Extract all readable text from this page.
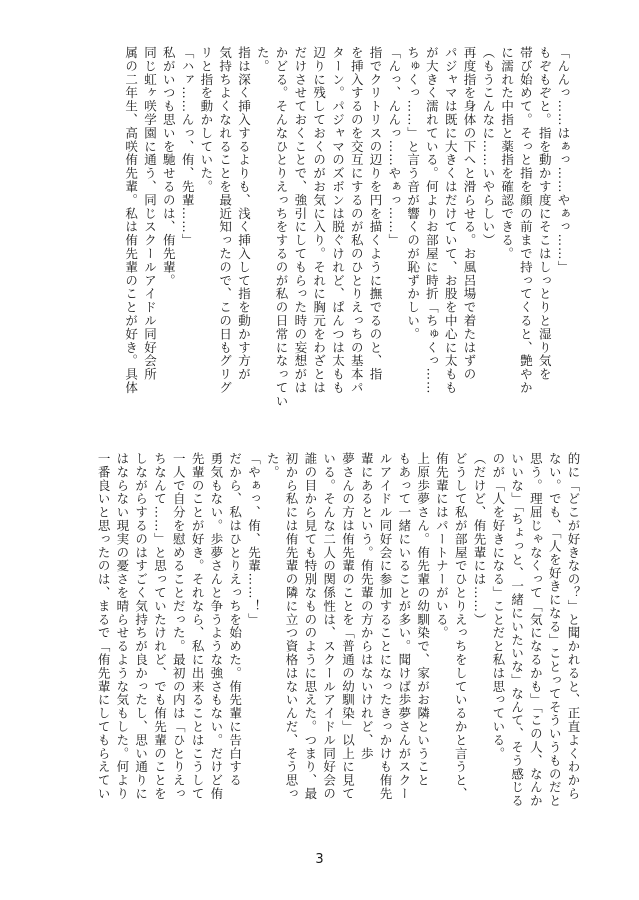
「んんっ……はぁっ……やぁっ……」
もぞもぞと。指を動かす度にそこはしっとりと湿り気を
帯び始めて。そっと指を顔の前まで持ってくると、艶やか
に濡れた中指と薬指を確認できる。
（もうこんなに……いやらしい）
再度指を身体の下へと滑らせる。お風呂場で着たはずの
パジャマは既に大きくはだけていて、お股を中心に太もも
が大きく濡れている。何よりお部屋に時折「ちゅくっ……
ちゅくっ……」と言う音が響くのが恥ずかしい。
「んっ、んんっ……やぁっ……」
指でクリトリスの辺りを円を描くように撫でるのと、指
を挿入するのを交互にするのが私のひとりえっちの基本パ
ターン。パジャマのズボンは脱ぐけれど、ぱんつは太もも
辺りに残しておくのがお気に入り。それに胸元をわざとは
だけさせておくことで、強引にしてもらった時の妄想がは
かどる。そんなひとりえっちをするのが私の日常になってい
た。
指は深く挿入するよりも、浅く挿入して指を動かす方が
気持ちよくなれることを最近知ったので、この日もグリグ
リと指を動かしていた。
「ハァ……んっ、侑、先輩……」
私がいつも思いを馳せるのは、侑先輩。
同じ虹ヶ咲学園に通う、同じスクールアイドル同好会所
属の二年生、高咲侑先輩。私は侑先輩のことが好き。具体
的に「どこが好きなの？」と聞かれると、正直よくわから
ない。でも、「人を好きになる」ことってそういうものだと
思う。理屈じゃなくって「気になるかも」「この人、なんか
いいな」「ちょっと、一緒にいたいな」なんて、そう感じる
のが「人を好きになる」ことだと私は思っている。
（だけど、侑先輩には……）
どうして私が部屋でひとりえっちをしているかと言うと、
侑先輩にはパートナーがいる。
上原歩夢さん。侑先輩の幼馴染で、家がお隣ということ
もあって一緒にいることが多い。聞けば歩夢さんがスクー
ルアイドル同好会に参加することになったきっかけも侑先
輩にあるという。侑先輩の方からはないけれど、歩
夢さんの方は侑先輩のことを「普通の幼馴染」以上に見て
いる。そんな二人の関係性は、スクールアイドル同好会の
誰の目から見ても特別なもののように思えた。つまり、最
初から私には侑先輩の隣に立つ資格はないんだ、そう思っ
た。
「やぁっ、侑、先輩……！」
だから、私はひとりえっちを始めた。侑先輩に告白する
勇気もない。歩夢さんと争うような強さもない。だけど侑
先輩のことが好き。それなら、私に出来ることはこうして
一人で自分を慰めることだった。最初の内は「ひとりえっ
ちなんて……」と思っていたけれど、でも侑先輩のことを
しながらするのはすごく気持ちが良かったし、思い通りに
はならない現実の憂さを晴らせるような気もした。何より
一番良いと思ったのは、まるで「侑先輩にしてもらえてい
3
